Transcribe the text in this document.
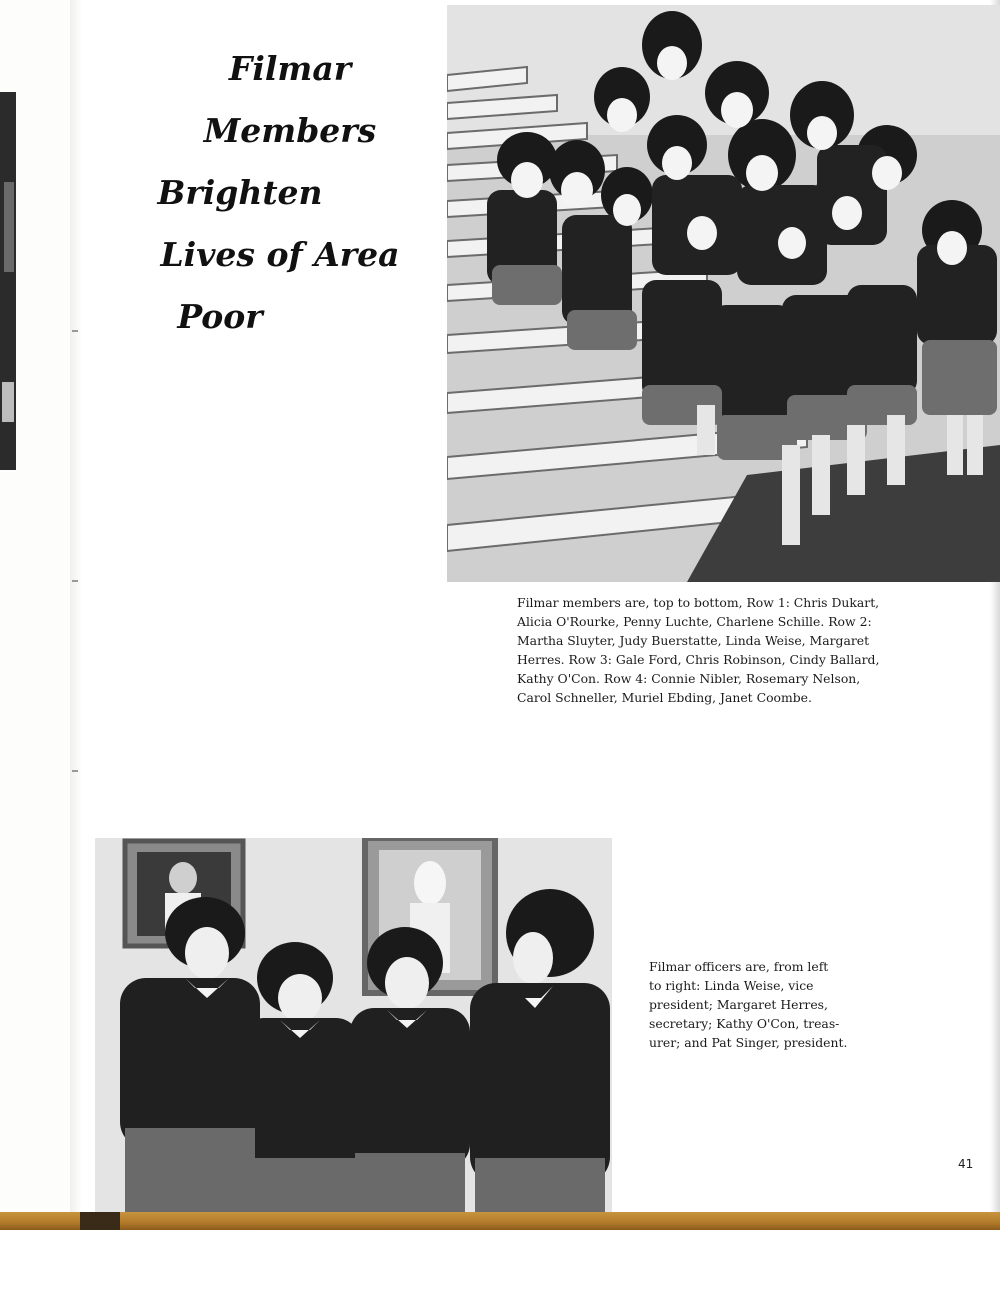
Filmar Members
Brighten
Lives of Area
Poor

Filmar members are, top to bottom, Row 1: Chris Dukart,
Alicia O'Rourke, Penny Luchte, Charlene Schille. Row 2:
Martha Sluyter, Judy Buerstatte, Linda Weise, Margaret
Herres. Row 3: Gale Ford, Chris Robinson, Cindy Ballard,
Kathy O'Con. Row 4: Connie Nibler, Rosemary Nelson,
Carol Schneller, Muriel Ebding, Janet Coombe.

Filmar officers are, from left
to right: Linda Weise, vice
president; Margaret Herres,
secretary; Kathy O'Con, treas-
urer; and Pat Singer, president.

41
